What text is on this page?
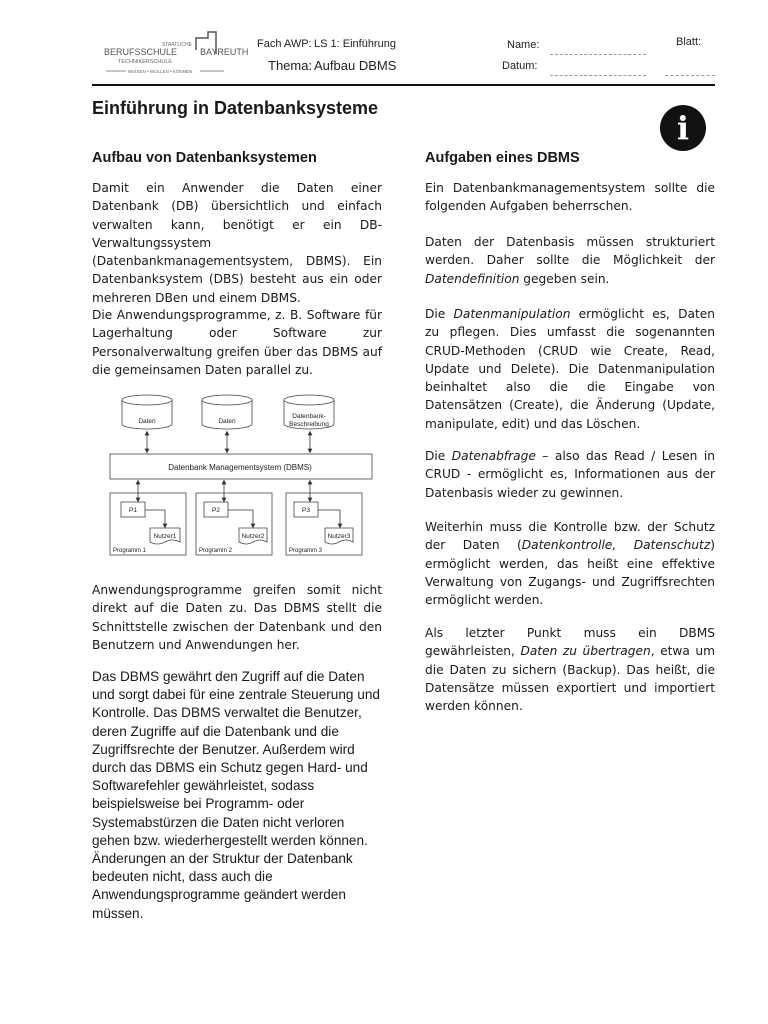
STAATLICHE
BERUFSSCHULE	BAYREUTH
TECHNIKERSCHULE
WISSEN • WOLLEN • KÖNNEN
Fach AWP: LS 1: Einführung
Thema: Aufbau DBMS
Name:
Datum:
Blatt:
Einführung in Datenbanksysteme
i
Aufbau von Datenbanksystemen

Damit ein Anwender die Daten einer Datenbank (DB) übersichtlich und einfach verwalten kann, benötigt er ein DB-Verwaltungssystem (Datenbankmanagementsystem, DBMS). Ein Datenbanksystem (DBS) besteht aus ein oder mehreren DBen und einem DBMS.

Die Anwendungsprogramme, z. B. Software für Lagerhaltung oder Software zur Personalverwaltung greifen über das DBMS auf die gemeinsamen Daten parallel zu.

Daten	Daten
Datenbank-
Beschreibung
Datenbank Managementsystem (DBMS)
P1	P2	P3
Nutzer1	Nutzer2	Nutzer3
Programm 1	Programm 2	Programm 3

Anwendungsprogramme greifen somit nicht direkt auf die Daten zu. Das DBMS stellt die Schnittstelle zwischen der Datenbank und den Benutzern und Anwendungen her.

Das DBMS gewährt den Zugriff auf die Daten und sorgt dabei für eine zentrale Steuerung und Kontrolle. Das DBMS verwaltet die Benutzer, deren Zugriffe auf die Datenbank und die Zugriffsrechte der Benutzer. Außerdem wird durch das DBMS ein Schutz gegen Hard- und Softwarefehler gewährleistet, sodass beispielsweise bei Programm- oder Systemabstürzen die Daten nicht verloren gehen bzw. wiederhergestellt werden können. Änderungen an der Struktur der Datenbank bedeuten nicht, dass auch die Anwendungsprogramme geändert werden müssen.

Aufgaben eines DBMS

Ein Datenbankmanagementsystem sollte die folgenden Aufgaben beherrschen.

Daten der Datenbasis müssen strukturiert werden. Daher sollte die Möglichkeit der Datendefinition gegeben sein.

Die Datenmanipulation ermöglicht es, Daten zu pflegen. Dies umfasst die sogenannten CRUD-Methoden (CRUD wie Create, Read, Update und Delete). Die Datenmanipulation beinhaltet also die die Eingabe von Datensätzen (Create), die Änderung (Update, manipulate, edit) und das Löschen.

Die Datenabfrage – also das Read / Lesen in CRUD - ermöglicht es, Informationen aus der Datenbasis wieder zu gewinnen.

Weiterhin muss die Kontrolle bzw. der Schutz der Daten (Datenkontrolle, Datenschutz) ermöglicht werden, das heißt eine effektive Verwaltung von Zugangs- und Zugriffsrechten ermöglicht werden.

Als letzter Punkt muss ein DBMS gewährleisten, Daten zu übertragen, etwa um die Daten zu sichern (Backup). Das heißt, die Datensätze müssen exportiert und importiert werden können.
